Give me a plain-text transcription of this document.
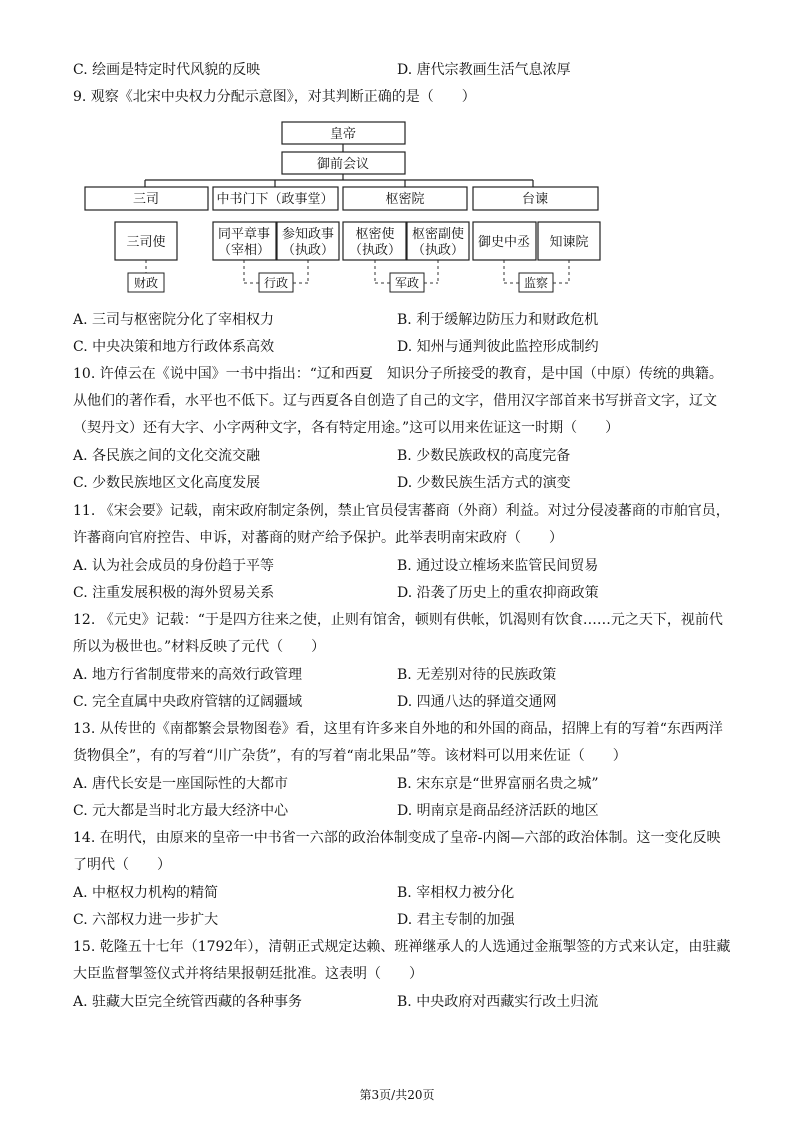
C. 绘画是特定时代风貌的反映	D. 唐代宗教画生活气息浓厚
9. 观察《北宋中央权力分配示意图》，对其判断正确的是（　　）
皇帝
御前会议
三司	中书门下（政事堂）	枢密院	台谏
三司使
同平章事
（宰相）
参知政事
（执政）
枢密使
（执政）
枢密副使
（执政）
御史中丞 知谏院
财政	行政	军政	监察
A. 三司与枢密院分化了宰相权力	B. 利于缓解边防压力和财政危机
C. 中央决策和地方行政体系高效	D. 知州与通判彼此监控形成制约
10. 许倬云在《说中国》一书中指出：“辽和西夏　知识分子所接受的教育，是中国（中原）传统的典籍。
从他们的著作看，水平也不低下。辽与西夏各自创造了自己的文字，借用汉字部首来书写拼音文字，辽文
（契丹文）还有大字、小字两种文字，各有特定用途。”这可以用来佐证这一时期（　　）
A. 各民族之间的文化交流交融	B. 少数民族政权的高度完备
C. 少数民族地区文化高度发展	D. 少数民族生活方式的演变
11. 《宋会要》记载，南宋政府制定条例，禁止官员侵害蕃商（外商）利益。对过分侵凌蕃商的市舶官员，
许蕃商向官府控告、申诉，对蕃商的财产给予保护。此举表明南宋政府（　　）
A. 认为社会成员的身份趋于平等	B. 通过设立榷场来监管民间贸易
C. 注重发展积极的海外贸易关系	D. 沿袭了历史上的重农抑商政策
12. 《元史》记载：“于是四方往来之使，止则有馆舍，顿则有供帐，饥渴则有饮食……元之天下，视前代
所以为极世也。”材料反映了元代（　　）
A. 地方行省制度带来的高效行政管理	B. 无差别对待的民族政策
C. 完全直属中央政府管辖的辽阔疆域	D. 四通八达的驿道交通网
13. 从传世的《南都繁会景物图卷》看，这里有许多来自外地的和外国的商品，招牌上有的写着“东西两洋
货物俱全”，有的写着“川广杂货”，有的写着“南北果品”等。该材料可以用来佐证（　　）
A. 唐代长安是一座国际性的大都市	B. 宋东京是“世界富丽名贵之城”
C. 元大都是当时北方最大经济中心	D. 明南京是商品经济活跃的地区
14. 在明代，由原来的皇帝一中书省一六部的政治体制变成了皇帝-内阁—六部的政治体制。这一变化反映
了明代（　　）
A. 中枢权力机构的精简	B. 宰相权力被分化
C. 六部权力进一步扩大	D. 君主专制的加强
15. 乾隆五十七年（1792年），清朝正式规定达赖、班禅继承人的人选通过金瓶掣签的方式来认定，由驻藏
大臣监督掣签仪式并将结果报朝廷批准。这表明（　　）
A. 驻藏大臣完全统管西藏的各种事务	B. 中央政府对西藏实行改土归流
第3页/共20页
